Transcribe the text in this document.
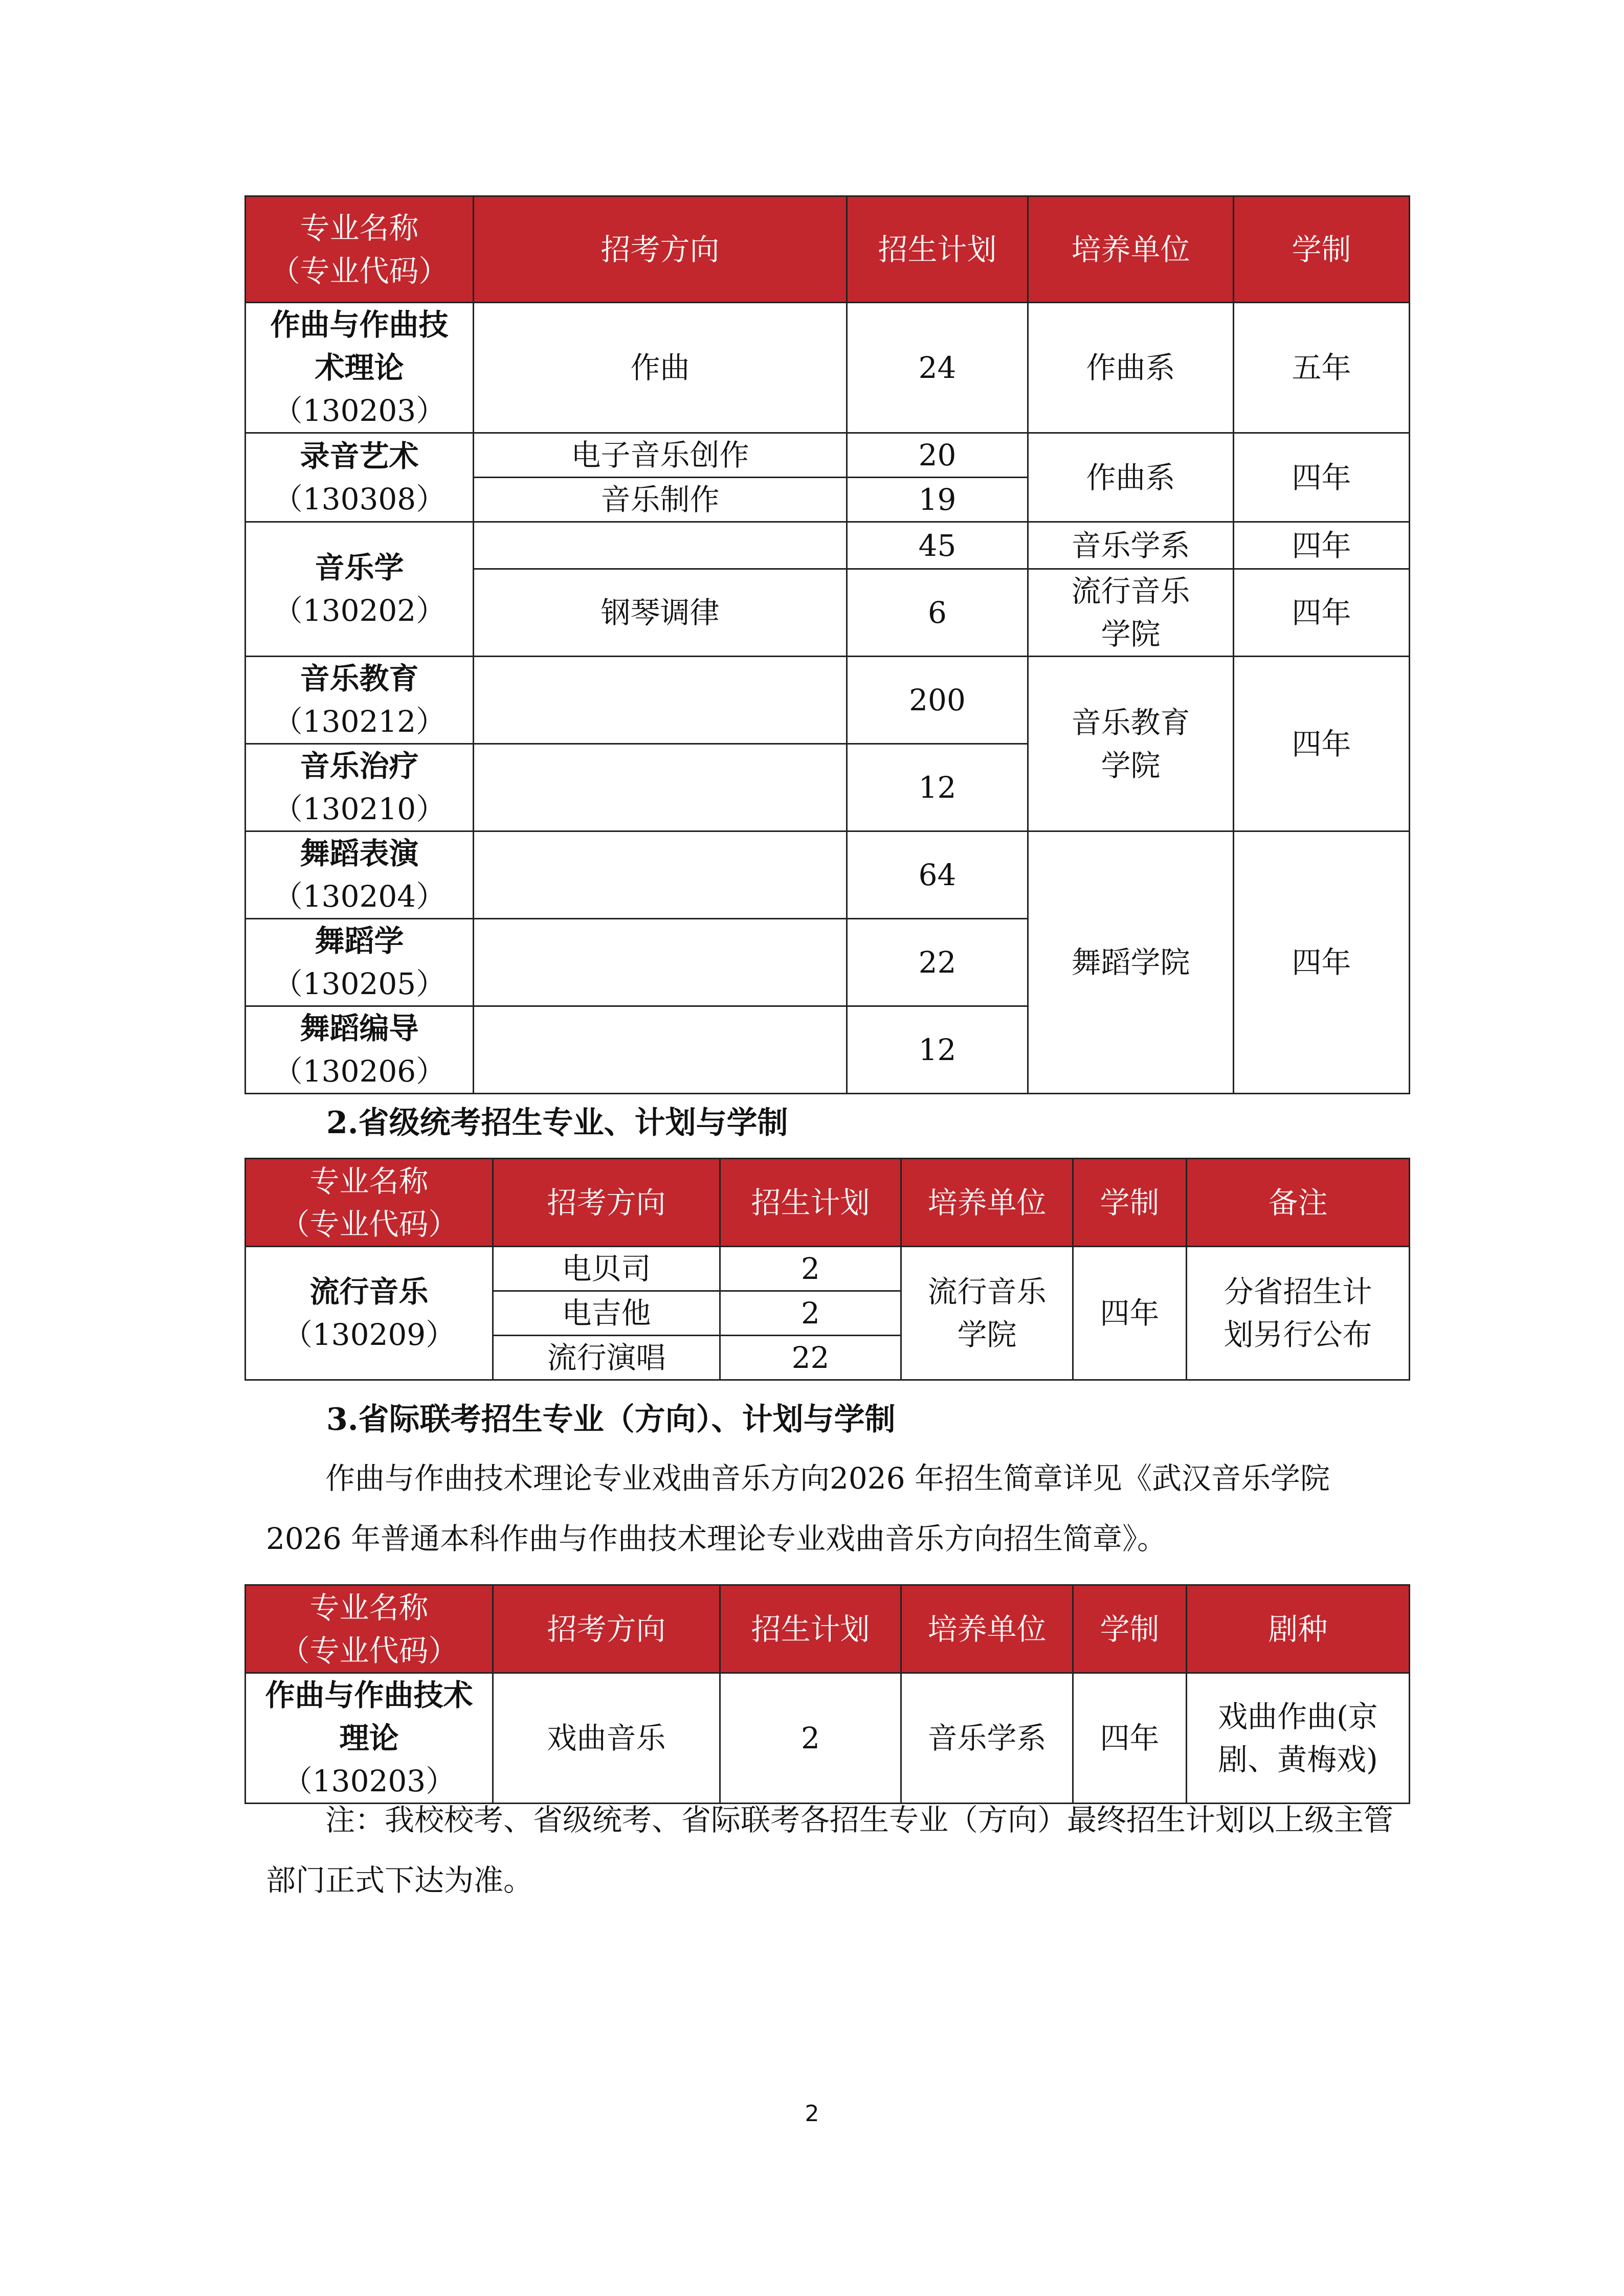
专业名称
（专业代码）	招考方向	招生计划	培养单位	学制

作曲与作曲技术理论
（130203）	作曲	24	作曲系	五年

录音艺术
（130308）	电子音乐创作	20	作曲系	四年
	音乐制作	19		

音乐学
（130202）		45	音乐学系	四年
	钢琴调律	6	流行音乐学院	四年

音乐教育
（130212）		200	音乐教育学院	四年

音乐治疗
（130210）		12		

舞蹈表演
（130204）		64	舞蹈学院	四年

舞蹈学
（130205）		22		

舞蹈编导
（130206）		12		
2.省级统考招生专业、计划与学制
专业名称
（专业代码）	招考方向	招生计划	培养单位	学制	备注

流行音乐
（130209）	电贝司	2	流行音乐学院	四年	分省招生计划另行公布
	电吉他	2			
	流行演唱	22			
3.省际联考招生专业（方向）、计划与学制
作曲与作曲技术理论专业戏曲音乐方向2026 年招生简章详见《武汉音乐学院 2026 年普通本科作曲与作曲技术理论专业戏曲音乐方向招生简章》。
专业名称
（专业代码）	招考方向	招生计划	培养单位	学制	剧种

作曲与作曲技术理论
（130203）	戏曲音乐	2	音乐学系	四年	戏曲作曲(京剧、黄梅戏)
注：我校校考、省级统考、省际联考各招生专业（方向）最终招生计划以上级主管部门正式下达为准。
2
